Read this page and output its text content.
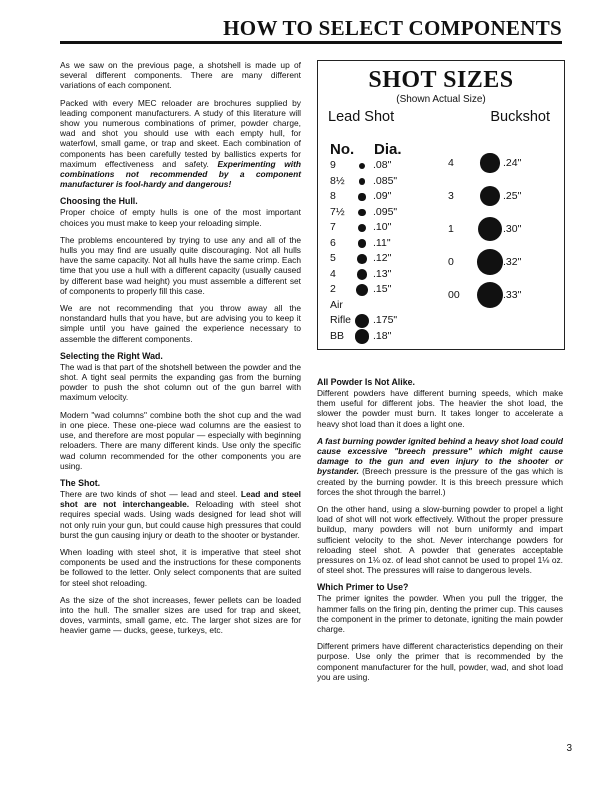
HOW TO SELECT COMPONENTS

As we saw on the previous page, a shotshell is made up of several different components. There are many different variations of each component.

Packed with every MEC reloader are brochures supplied by leading component manufacturers. A study of this literature will show you numerous combinations of primer, powder charge, wad and shot you should use with each empty hull, for waterfowl, small game, or trap and skeet. Each combination of components has been carefully tested by ballistics experts for maximum effectiveness and safety. Experimenting with combinations not recommended by a component manufacturer is fool-hardy and dangerous!

Choosing the Hull.

Proper choice of empty hulls is one of the most important choices you must make to keep your reloading simple.

The problems encountered by trying to use any and all of the hulls you may find are usually quite discouraging. Not all hulls have the same capacity. Not all hulls have the same crimp. Each time that you use a hull with a different capacity (usually caused by different base wad height) you must assemble a different set of components to properly fill this case.

We are not recommending that you throw away all the nonstandard hulls that you have, but are advising you to keep it simple until you have gained the experience necessary to assemble the different components.

Selecting the Right Wad.

The wad is that part of the shotshell between the powder and the shot. A tight seal permits the expanding gas from the burning powder to push the shot column out of the gun barrel with maximum velocity.

Modern "wad columns" combine both the shot cup and the wad in one piece. These one-piece wad columns are the easiest to use, and therefore are most popular — especially with beginning reloaders. There are many different kinds. Use only the specific wad column recommended for the other components you are using.

The Shot.

There are two kinds of shot — lead and steel. Lead and steel shot are not interchangeable. Reloading with steel shot requires special wads. Using wads designed for lead shot will not only ruin your gun, but could cause high pressures that could burst the gun causing injury or death to the shooter or bystander.

When loading with steel shot, it is imperative that steel shot components be used and the instructions for these components be followed to the letter. Only select components that are suited for steel shot reloading.

As the size of the shot increases, fewer pellets can be loaded into the hull. The smaller sizes are used for trap and skeet, doves, varmints, small game, etc. The larger shot sizes are for heavier game — ducks, geese, turkeys, etc.

SHOT SIZES
(Shown Actual Size)
Lead Shot	Buckshot
No. Dia.
9	.08"
8½	.085"
8	.09"
7½	.095"
7	.10"
6	.11"
5	.12"
4	.13"
2	.15"
Air
Rifle	.175"
BB	.18"
4	.24"
3	.25"
1	.30"
0	.32"
00	.33"
All Powder Is Not Alike.

Different powders have different burning speeds, which make them useful for different jobs. The heavier the shot load, the slower the powder must burn. It takes longer to accelerate a heavy shot load than it does a light one.

A fast burning powder ignited behind a heavy shot load could cause excessive "breech pressure" which might cause damage to the gun and even injury to the shooter or bystander. (Breech pressure is the pressure of the gas which is created by the burning powder. It is this breech pressure which forces the shot through the barrel.)

On the other hand, using a slow-burning powder to propel a light load of shot will not work effectively. Without the proper pressure buildup, many powders will not burn uniformly and impart sufficient velocity to the shot. Never interchange powders for reloading steel shot. A powder that generates acceptable pressures on 1⅛ oz. of lead shot cannot be used to propel 1⅛ oz. of steel shot. The pressures will raise to dangerous levels.

Which Primer to Use?

The primer ignites the powder. When you pull the trigger, the hammer falls on the firing pin, denting the primer cup. This causes the component in the primer to detonate, igniting the main powder charge.

Different primers have different characteristics depending on their purpose. Use only the primer that is recommended by the component manufacturer for the hull, powder, wad, and shot load you are using.

3
